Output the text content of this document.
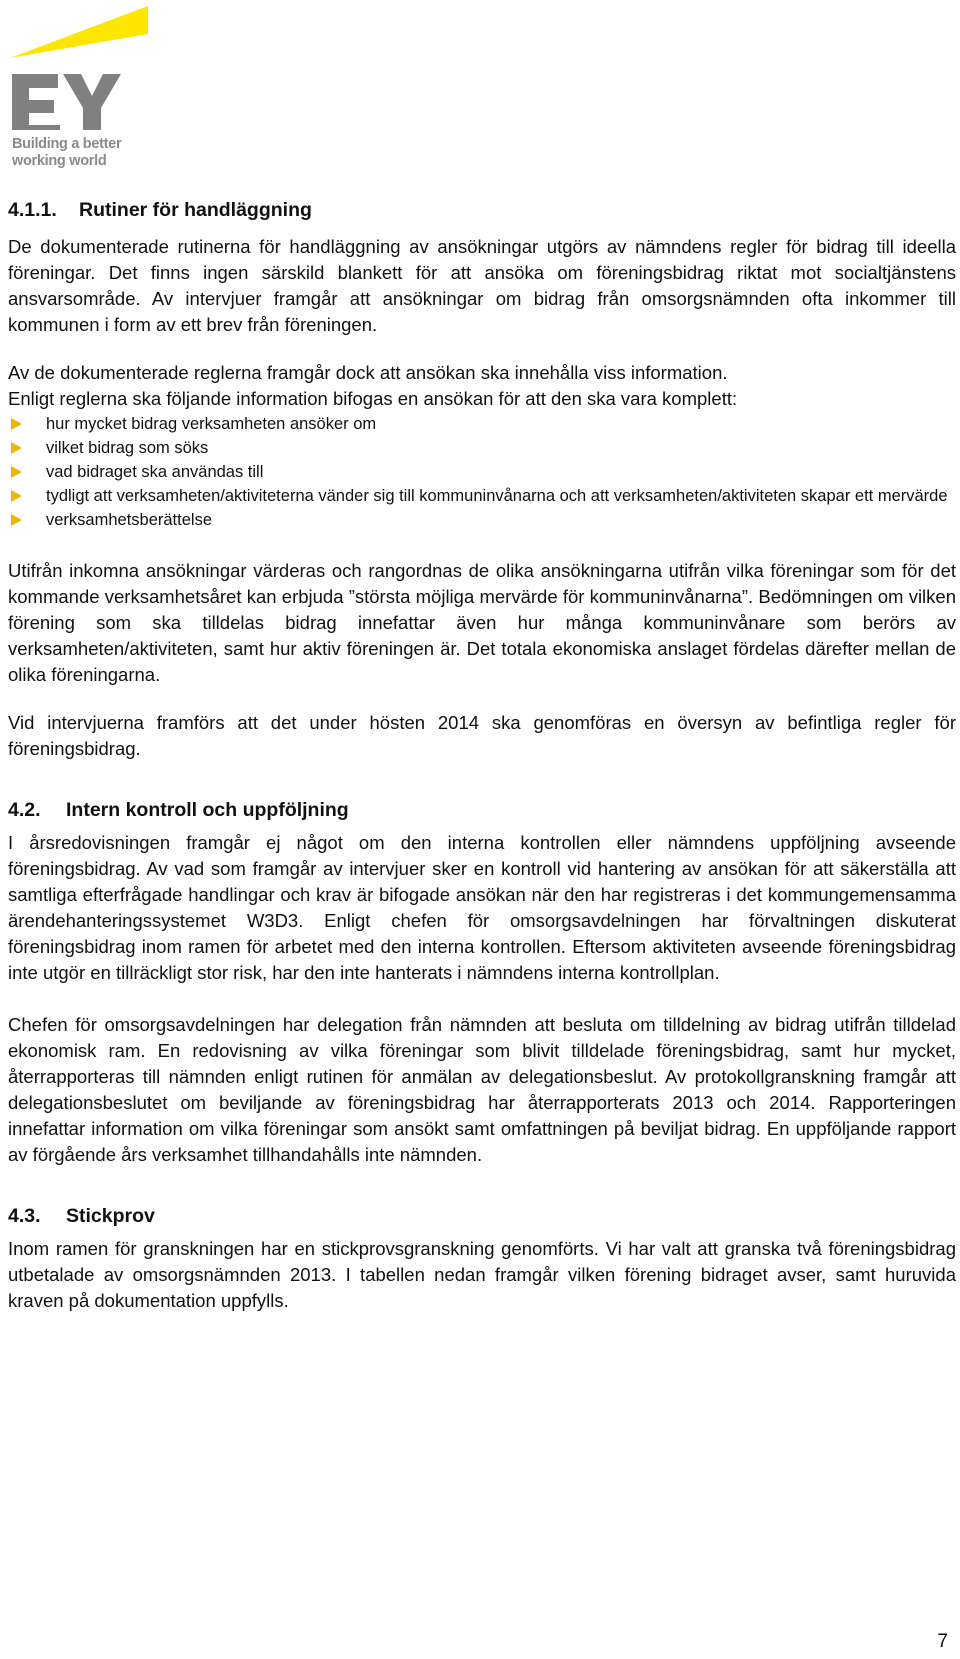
Building a better
working world
4.1.1.	Rutiner för handläggning

De dokumenterade rutinerna för handläggning av ansökningar utgörs av nämndens regler för bidrag till ideella föreningar. Det finns ingen särskild blankett för att ansöka om föreningsbidrag riktat mot socialtjänstens ansvarsområde. Av intervjuer framgår att ansökningar om bidrag från omsorgsnämnden ofta inkommer till kommunen i form av ett brev från föreningen.

Av de dokumenterade reglerna framgår dock att ansökan ska innehålla viss information.
Enligt reglerna ska följande information bifogas en ansökan för att den ska vara komplett:

hur mycket bidrag verksamheten ansöker om
vilket bidrag som söks
vad bidraget ska användas till
tydligt att verksamheten/aktiviteterna vänder sig till kommuninvånarna och att verksamheten/aktiviteten skapar ett mervärde
verksamhetsberättelse

Utifrån inkomna ansökningar värderas och rangordnas de olika ansökningarna utifrån vilka föreningar som för det kommande verksamhetsåret kan erbjuda ”största möjliga mervärde för kommuninvånarna”. Bedömningen om vilken förening som ska tilldelas bidrag innefattar även hur många kommuninvånare som berörs av verksamheten/aktiviteten, samt hur aktiv föreningen är. Det totala ekonomiska anslaget fördelas därefter mellan de olika föreningarna.

Vid intervjuerna framförs att det under hösten 2014 ska genomföras en översyn av befintliga regler för föreningsbidrag.

4.2.	Intern kontroll och uppföljning

I årsredovisningen framgår ej något om den interna kontrollen eller nämndens uppföljning avseende föreningsbidrag. Av vad som framgår av intervjuer sker en kontroll vid hantering av ansökan för att säkerställa att samtliga efterfrågade handlingar och krav är bifogade ansökan när den har registreras i det kommungemensamma ärendehanteringssystemet W3D3. Enligt chefen för omsorgsavdelningen har förvaltningen diskuterat föreningsbidrag inom ramen för arbetet med den interna kontrollen. Eftersom aktiviteten avseende föreningsbidrag inte utgör en tillräckligt stor risk, har den inte hanterats i nämndens interna kontrollplan.

Chefen för omsorgsavdelningen har delegation från nämnden att besluta om tilldelning av bidrag utifrån tilldelad ekonomisk ram. En redovisning av vilka föreningar som blivit tilldelade föreningsbidrag, samt hur mycket, återrapporteras till nämnden enligt rutinen för anmälan av delegationsbeslut. Av protokollgranskning framgår att delegationsbeslutet om beviljande av föreningsbidrag har återrapporterats 2013 och 2014. Rapporteringen innefattar information om vilka föreningar som ansökt samt omfattningen på beviljat bidrag. En uppföljande rapport av förgående års verksamhet tillhandahålls inte nämnden.

4.3.	Stickprov

Inom ramen för granskningen har en stickprovsgranskning genomförts. Vi har valt att granska två föreningsbidrag utbetalade av omsorgsnämnden 2013. I tabellen nedan framgår vilken förening bidraget avser, samt huruvida kraven på dokumentation uppfylls.

7
